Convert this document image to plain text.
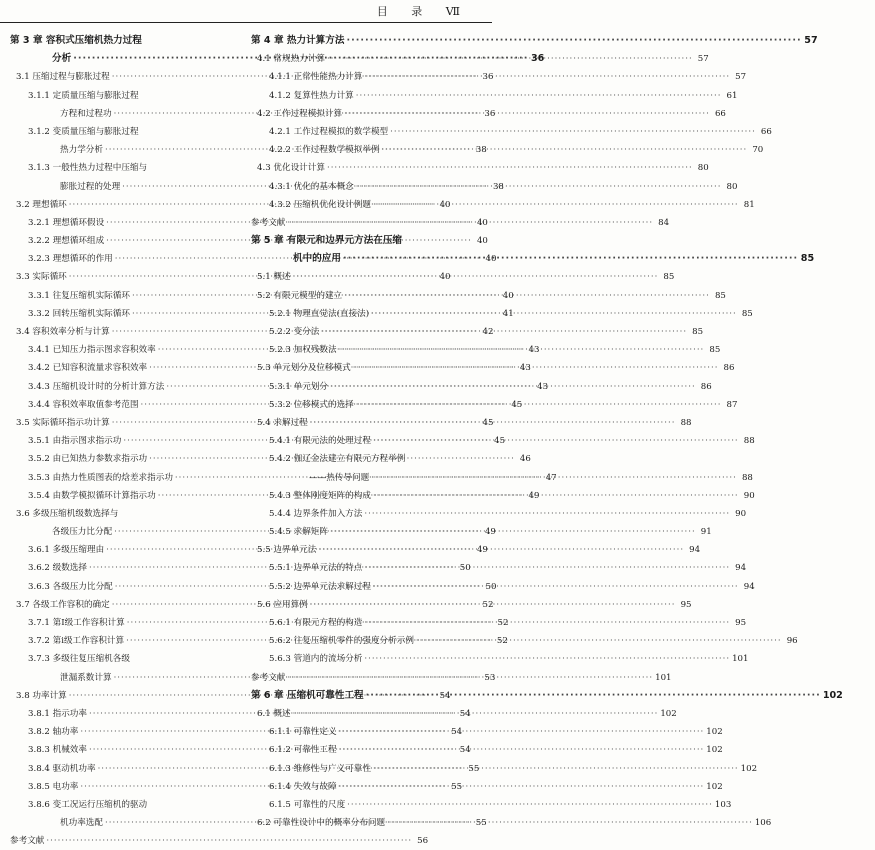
目 录 Ⅶ
第 3 章 容积式压缩机热力过程
分析 ·····	36
3.1 压缩过程与膨胀过程 ·····	36
3.1.1 定质量压缩与膨胀过程
方程和过程功 ·····	36
3.1.2 变质量压缩与膨胀过程
热力学分析 ·····	38
3.1.3 一般性热力过程中压缩与
膨胀过程的处理 ·····	38
3.2 理想循环 ·····	40
3.2.1 理想循环假设 ·····	40
3.2.2 理想循环组成 ·····	40
3.2.3 理想循环的作用 ·····	40
3.3 实际循环 ·····	40
3.3.1 往复压缩机实际循环 ·····	40
3.3.2 回转压缩机实际循环 ·····	41
3.4 容积效率分析与计算 ·····	42
3.4.1 已知压力指示图求容积效率 ·····	43
3.4.2 已知容积流量求容积效率 ·····	43
3.4.3 压缩机设计时的分析计算方法 ·····	43
3.4.4 容积效率取值参考范围 ·····	45
3.5 实际循环指示功计算 ·····	45
3.5.1 由指示图求指示功 ·····	45
3.5.2 由已知热力参数求指示功 ·····	46
3.5.3 由热力性质图表的焓差求指示功 ·····	47
3.5.4 由数学模拟循环计算指示功 ·····	49
3.6 多级压缩机级数选择与
各级压力比分配 ·····	49
3.6.1 多级压缩理由 ·····	49
3.6.2 级数选择 ·····	50
3.6.3 各级压力比分配 ·····	50
3.7 各级工作容积的确定 ·····	52
3.7.1 第Ⅰ级工作容积计算 ·····	52
3.7.2 第ⅰ级工作容积计算 ·····	52
3.7.3 多级往复压缩机各级
泄漏系数计算 ·····	53
3.8 功率计算 ·····	54
3.8.1 指示功率 ·····	54
3.8.2 轴功率 ·····	54
3.8.3 机械效率 ·····	54
3.8.4 驱动机功率 ·····	55
3.8.5 电功率 ·····	55
3.8.6 变工况运行压缩机的驱动
机功率选配 ·····	55
参考文献 ·····	56
第 4 章 热力计算方法 ·····	57
4.1 常规热力计算 ·····	57
4.1.1 正常性能热力计算 ·····	57
4.1.2 复算性热力计算 ·····	61
4.2 工作过程模拟计算 ·····	66
4.2.1 工作过程模拟的数学模型 ·····	66
4.2.2 工作过程数学模拟举例 ·····	70
4.3 优化设计计算 ·····	80
4.3.1 优化的基本概念 ·····	80
4.3.2 压缩机优化设计例题 ·····	81
参考文献 ·····	84
第 5 章 有限元和边界元方法在压缩
机中的应用 ·····	85
5.1 概述 ·····	85
5.2 有限元模型的建立 ·····	85
5.2.1 物理直觉法(直接法) ·····	85
5.2.2 变分法 ·····	85
5.2.3 加权残数法 ·····	85
5.3 单元划分及位移模式 ·····	86
5.3.1 单元划分 ·····	86
5.3.2 位移模式的选择 ·····	87
5.4 求解过程 ·····	88
5.4.1 有限元法的处理过程 ·····	88
5.4.2 伽辽金法建立有限元方程举例
——热传导问题 ·····	88
5.4.3 整体刚度矩阵的构成 ·····	90
5.4.4 边界条件加入方法 ·····	90
5.4.5 求解矩阵 ·····	91
5.5 边界单元法 ·····	94
5.5.1 边界单元法的特点 ·····	94
5.5.2 边界单元法求解过程 ·····	94
5.6 应用算例 ·····	95
5.6.1 有限元方程的构造 ·····	95
5.6.2 往复压缩机零件的强度分析示例 ·····	96
5.6.3 管道内的流场分析 ·····	101
参考文献 ·····	101
第 6 章 压缩机可靠性工程 ·····	102
6.1 概述 ·····	102
6.1.1 可靠性定义 ·····	102
6.1.2 可靠性工程 ·····	102
6.1.3 维修性与广义可靠性 ·····	102
6.1.4 失效与故障 ·····	102
6.1.5 可靠性的尺度 ·····	103
6.2 可靠性设计中的概率分布问题 ·····	106
